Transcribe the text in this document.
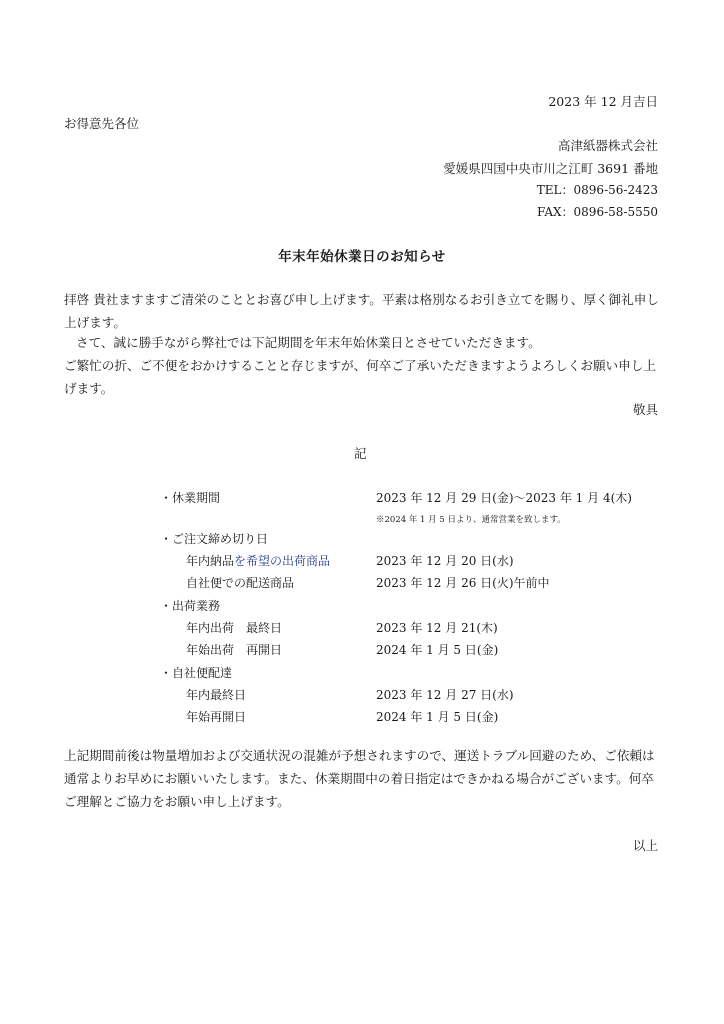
2023 年 12 月吉日
お得意先各位
高津紙器株式会社
愛媛県四国中央市川之江町 3691 番地
TEL：0896-56-2423
FAX：0896-58-5550
年末年始休業日のお知らせ
拝啓 貴社ますますご清栄のこととお喜び申し上げます。平素は格別なるお引き立てを賜り、厚く御礼申し上げます。
さて、誠に勝手ながら弊社では下記期間を年末年始休業日とさせていただきます。
ご繁忙の折、ご不便をおかけすることと存じますが、何卒ご了承いただきますようよろしくお願い申し上げます。
敬具
記
・休業期間	2023 年 12 月 29 日(金)～2023 年 1 月 4(木)
※2024 年 1 月 5 日より、通常営業を致します。
・ご注文締め切り日
年内納品を希望の出荷商品	2023 年 12 月 20 日(水)
自社便での配送商品	2023 年 12 月 26 日(火)午前中
・出荷業務
年内出荷　最終日	2023 年 12 月 21(木)
年始出荷　再開日	2024 年 1 月 5 日(金)
・自社便配達
年内最終日	2023 年 12 月 27 日(水)
年始再開日	2024 年 1 月 5 日(金)
上記期間前後は物量増加および交通状況の混雑が予想されますので、運送トラブル回避のため、ご依頼は通常よりお早めにお願いいたします。また、休業期間中の着日指定はできかねる場合がございます。何卒ご理解とご協力をお願い申し上げます。
以上
